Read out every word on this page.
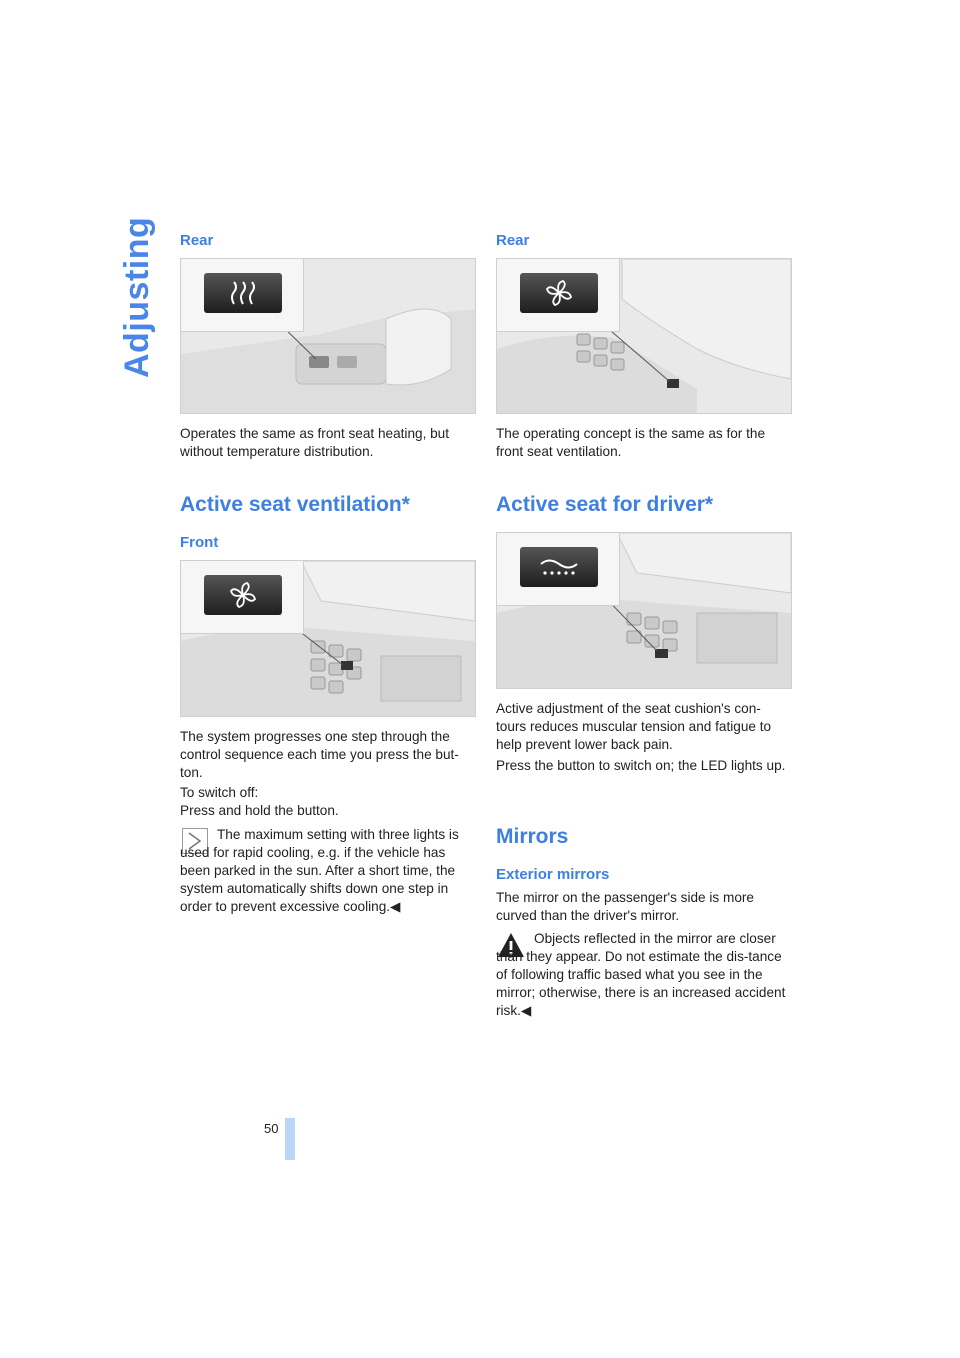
Adjusting Rear

Operates the same as front seat heating, but without temperature distribution.

Active seat ventilation*
Front

The system progresses one step through the control sequence each time you press the but-ton.

To switch off:

Press and hold the button.

The maximum setting with three lights is used for rapid cooling, e.g. if the vehicle has been parked in the sun. After a short time, the system automatically shifts down one step in order to prevent excessive cooling.◀

Rear

The operating concept is the same as for the front seat ventilation.

Active seat for driver*

Active adjustment of the seat cushion's con-tours reduces muscular tension and fatigue to help prevent lower back pain.

Press the button to switch on; the LED lights up.

Mirrors
Exterior mirrors

The mirror on the passenger's side is more curved than the driver's mirror.

Objects reflected in the mirror are closer than they appear. Do not estimate the dis-tance of following traffic based what you see in the mirror; otherwise, there is an increased accident risk.◀

50
